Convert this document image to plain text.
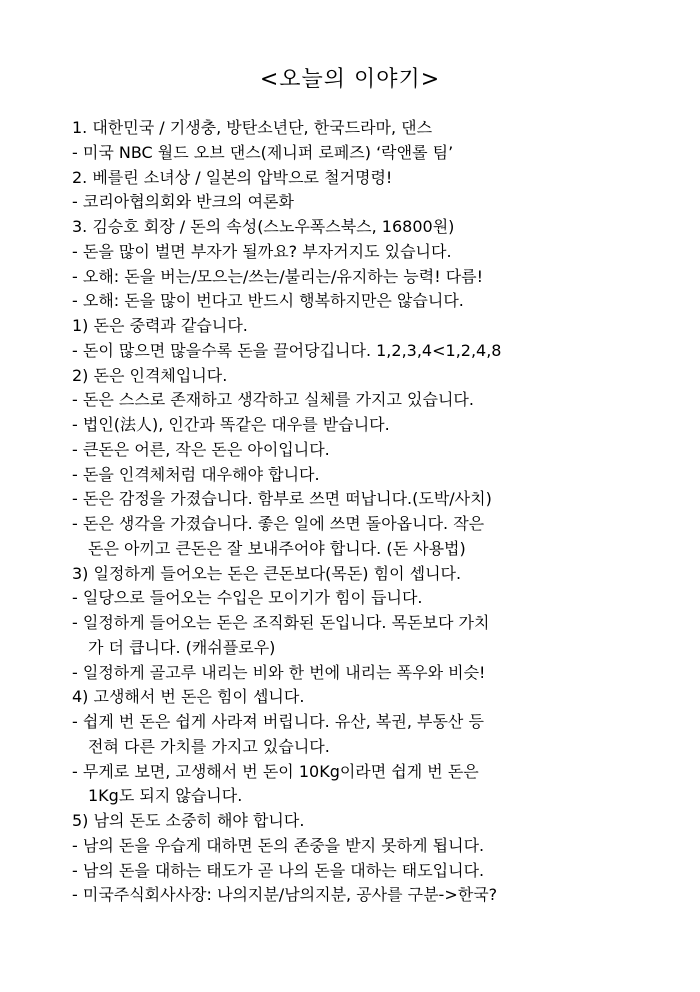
<오늘의 이야기>
1. 대한민국 / 기생충, 방탄소년단, 한국드라마, 댄스
- 미국 NBC 월드 오브 댄스(제니퍼 로페즈) ‘락앤롤 팀’
2. 베를린 소녀상 / 일본의 압박으로 철거명령!
- 코리아협의회와 반크의 여론화
3. 김승호 회장 / 돈의 속성(스노우폭스북스, 16800원)
- 돈을 많이 벌면 부자가 될까요? 부자거지도 있습니다.
- 오해: 돈을 버는/모으는/쓰는/불리는/유지하는 능력! 다름!
- 오해: 돈을 많이 번다고 반드시 행복하지만은 않습니다.
1) 돈은 중력과 같습니다.
- 돈이 많으면 많을수록 돈을 끌어당깁니다. 1,2,3,4<1,2,4,8
2) 돈은 인격체입니다.
- 돈은 스스로 존재하고 생각하고 실체를 가지고 있습니다.
- 법인(法人), 인간과 똑같은 대우를 받습니다.
- 큰돈은 어른, 작은 돈은 아이입니다.
- 돈을 인격체처럼 대우해야 합니다.
- 돈은 감정을 가졌습니다. 함부로 쓰면 떠납니다.(도박/사치)
- 돈은 생각을 가졌습니다. 좋은 일에 쓰면 돌아옵니다. 작은
돈은 아끼고 큰돈은 잘 보내주어야 합니다. (돈 사용법)
3) 일정하게 들어오는 돈은 큰돈보다(목돈) 힘이 셉니다.
- 일당으로 들어오는 수입은 모이기가 힘이 듭니다.
- 일정하게 들어오는 돈은 조직화된 돈입니다. 목돈보다 가치
가 더 큽니다. (캐쉬플로우)
- 일정하게 골고루 내리는 비와 한 번에 내리는 폭우와 비슷!
4) 고생해서 번 돈은 힘이 셉니다.
- 쉽게 번 돈은 쉽게 사라져 버립니다. 유산, 복권, 부동산 등
전혀 다른 가치를 가지고 있습니다.
- 무게로 보면, 고생해서 번 돈이 10Kg이라면 쉽게 번 돈은
1Kg도 되지 않습니다.
5) 남의 돈도 소중히 해야 합니다.
- 남의 돈을 우습게 대하면 돈의 존중을 받지 못하게 됩니다.
- 남의 돈을 대하는 태도가 곧 나의 돈을 대하는 태도입니다.
- 미국주식회사사장: 나의지분/남의지분, 공사를 구분->한국?
